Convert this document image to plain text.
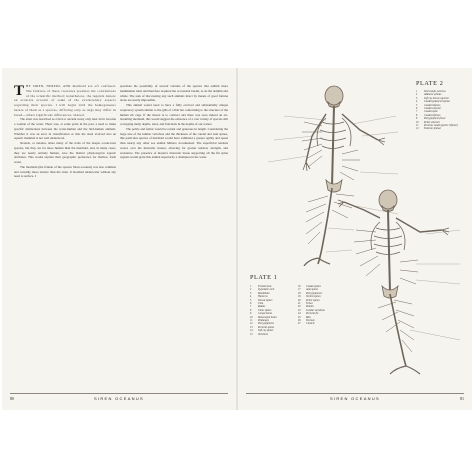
THE SIREN, NEREID, AND mermaid are oft confused. The folklore of these creatures predates the conventions of the scientific method; nonetheless, the legends denote an accurate account of some of the evolutionary aspects regarding their species. I will begin with the homogeneous nature of them as a species, differing only as dogs may differ in breed—albeit significant differences, indeed.

The siren was described as a bird or ancient treaty only later did it become a woman of the water. There was, at some point in the past, a need to make specific distinctions between the water-human and the bird-human animals. Whether it was an error in classification or that the siren evolved into an aquatic mammal is not well understood.

Nereids, or naiades, share many of the traits of the deeper ocean-born species, but they are far more human than the mermaid, and, in many cases, they are nearly entirely human, save the distinct physiological aquatic attributes. This would explain their geographic preference for shallow, fresh water.

The mermaid (the female of the species Siren oceanus) was less common and certainly more elusive than the siren. It breathed underwater without any need to surface. I

speculate the possibility of several variants of the species that exhibit more mammalian traits and therefore required the occasional breath, as do the dolphin and whale. The task of discovering any such animals intact by means of good fortune alone are nearly impossible.

This animal would need to have a fully evolved and substantially unique respiratory system similar to the gills of a fish but conforming to the structure of the human rib cage. If the thorax is to contract and there was once indeed an air-breathing mermaid, this would suggest the existence of a vast variety of species still occupying many depths, sizes, and functions in the depths of our waters.

The pelvis and femur would be robust and generous in length. Considering the large size of the lumbar vertebrae and the thickness of the caudal and anal spines, this particular species of mermaid would have exhibited a greater agility and speed than nearly any other sea animal hitherto documented. The superficial tendons weave over the muscular tissues, allowing for greater tension, strength, and resistance. The presence of massive muscular tissue supporting all the fin spine regions would grant this animal superiority a champion in the water.

80	SIREN OCEANUS
PLATE 2
1	Intercostals externus
2	Adductor pinnae
3	Soft ray thorax superior
4	Caudal pedunculi spinae
5	Caudal inflexus
6	Caudal extensor
7	Caudal spine
8	Caudal inflexus
9	Pterygiophore flexor
10 Pelvic extensor
11 Pectorus caudis (pelvic inflexor)
12 Extensor pinnae
PLATE 1
1	Frontal bone
2	Zygomatic arch
3	Mandibula
4	Humerus
5	Dorsal spines
6	Ulna
7	Radius
8	Ulnar spines
9	Carpal bones
10 Metacarpal bones
11 Phalanges
12 Pterygiophores
13 Pectoral spines
14 Soft ray spines
15 Vertebrae
16 Caudal spines
17 Anal spines
18 Pterygiophores
19 Ventral spines
20 Pelvic spines
21 Femur
22 Patella
23 Lumbar vertebrae
24 Pectoral fin
25 Ribs
26 Sternum
27 Clavicle
SIREN OCEANUS	81
